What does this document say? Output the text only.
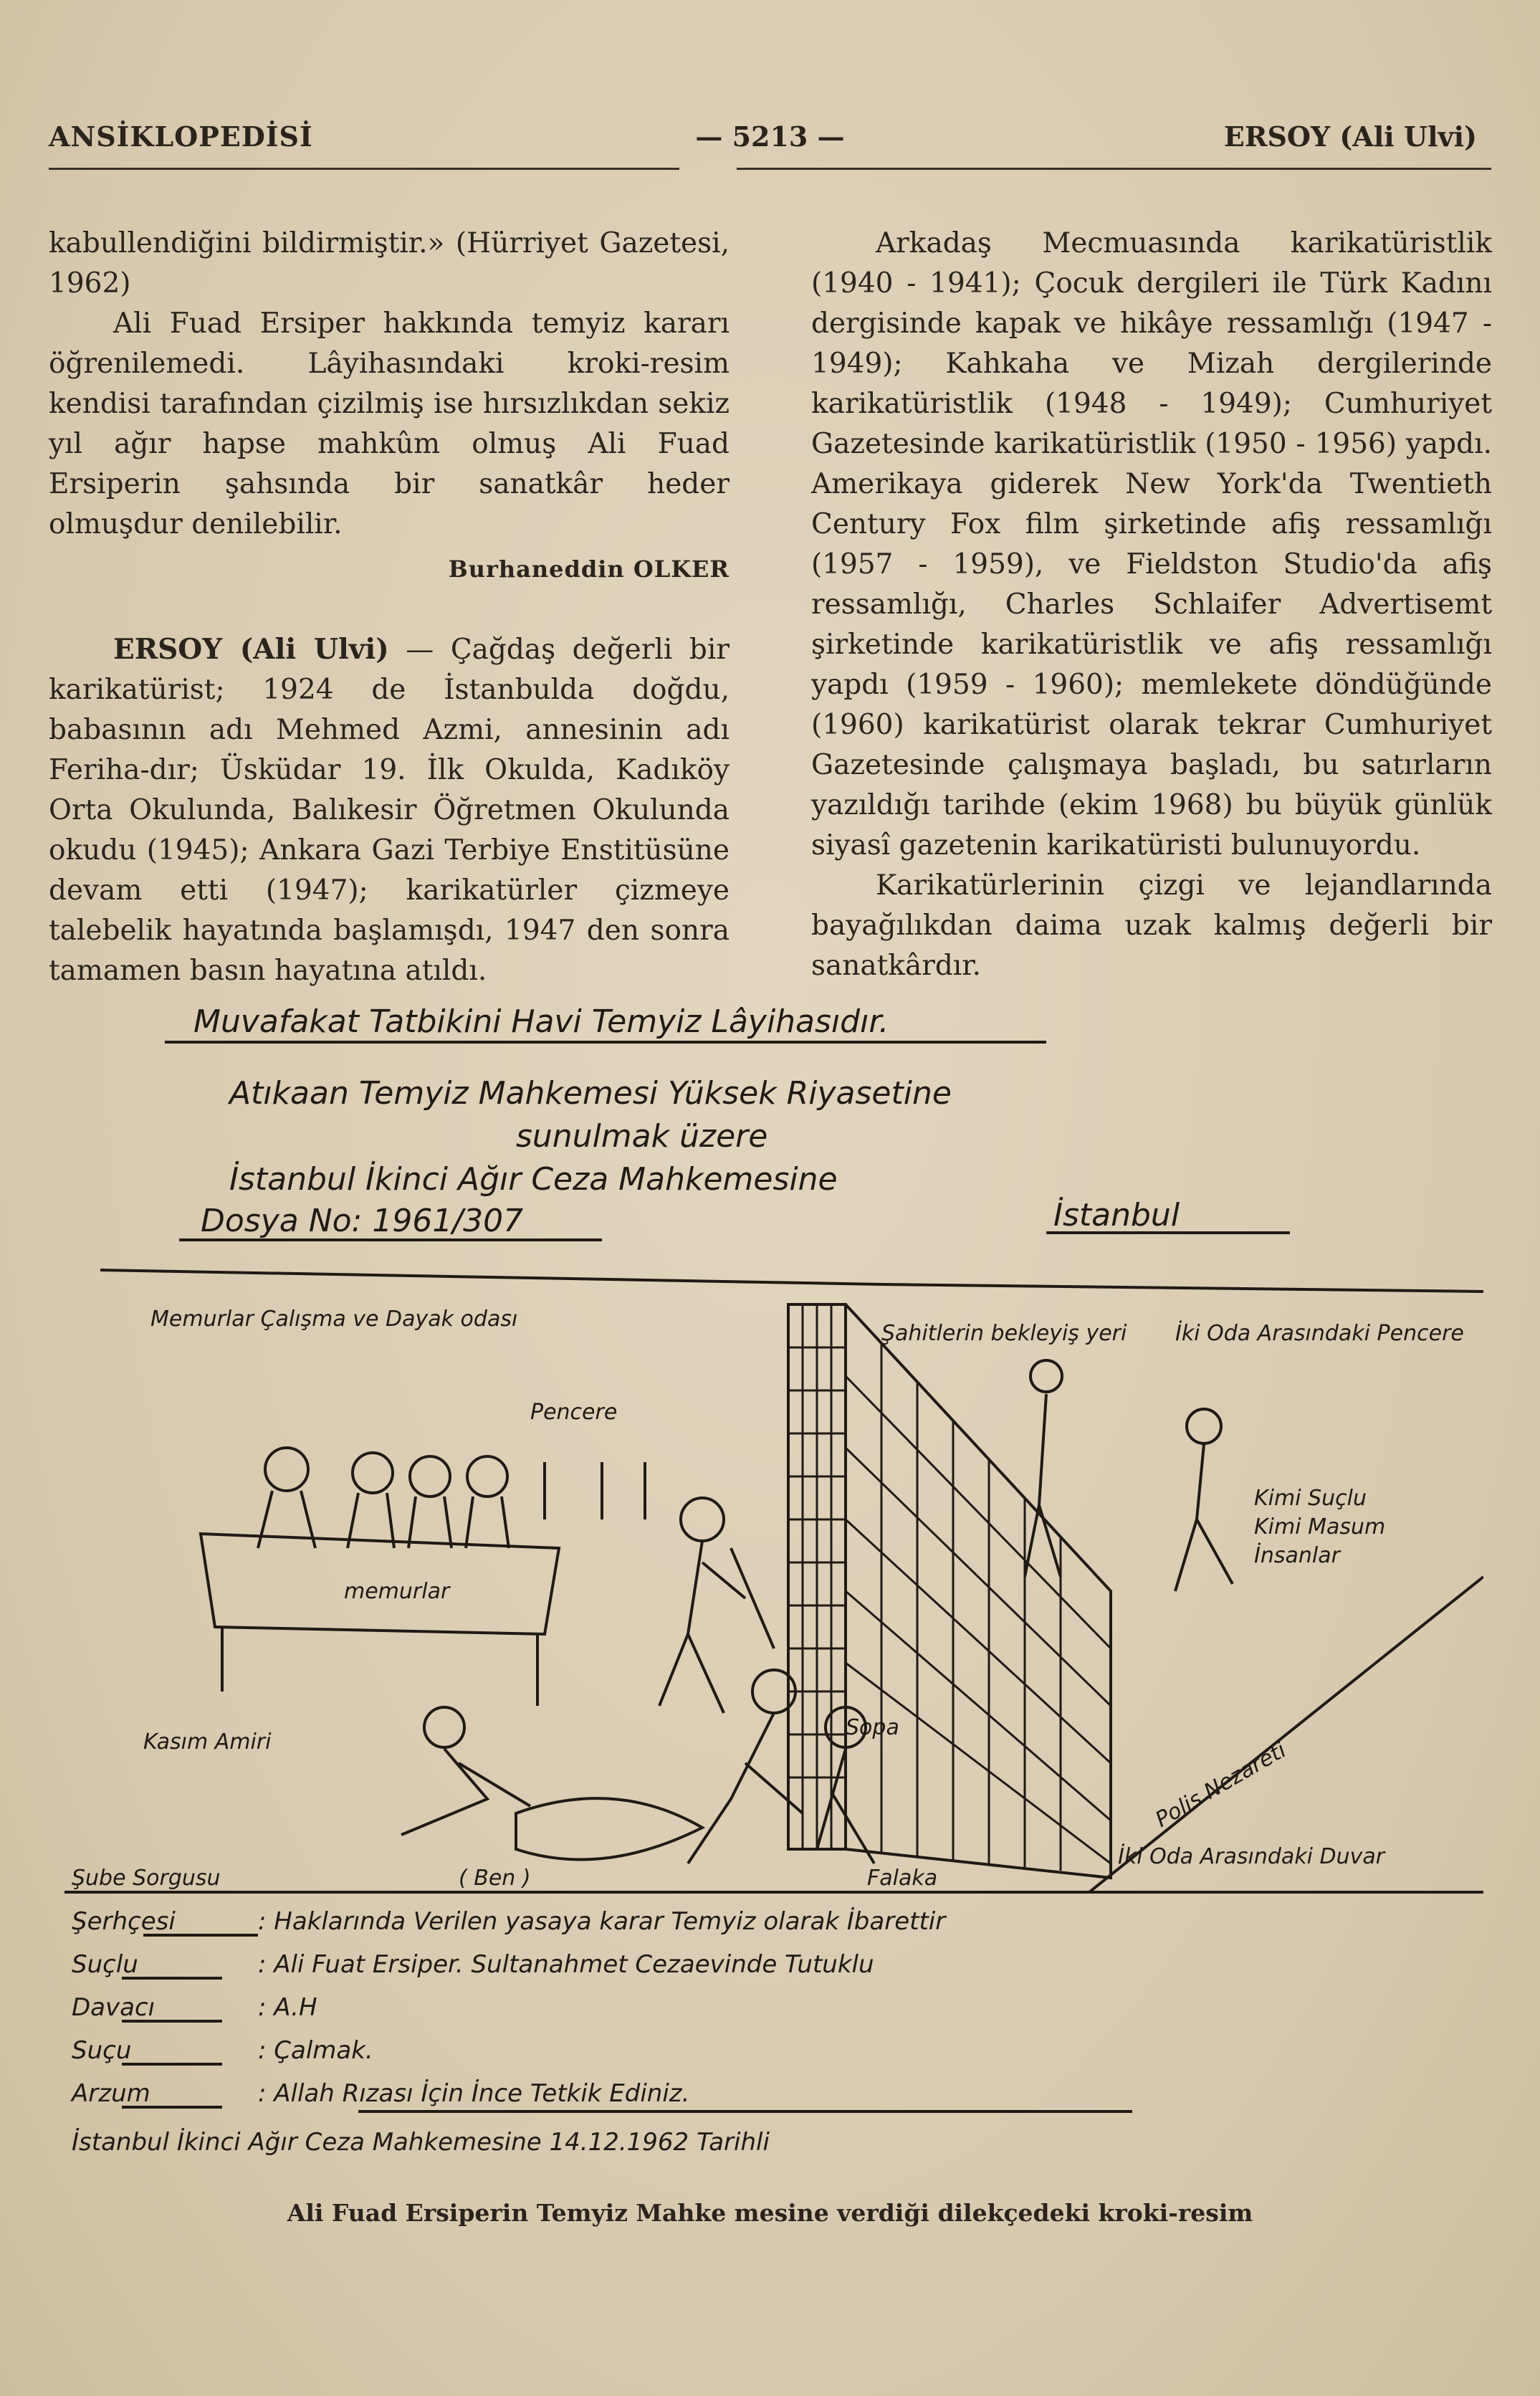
ANSİKLOPEDİSİ	— 5213 —	ERSOY (Ali Ulvi)

kabullendiğini bildirmiştir.» (Hürriyet Gazetesi, 1962)

Ali Fuad Ersiper hakkında temyiz kararı öğrenilemedi. Lâyihasındaki kroki-resim kendisi tarafından çizilmiş ise hırsızlıkdan sekiz yıl ağır hapse mahkûm olmuş Ali Fuad Ersiperin şahsında bir sanatkâr heder olmuşdur denilebilir.

Burhaneddin OLKER

ERSOY (Ali Ulvi) — Çağdaş değerli bir karikatürist; 1924 de İstanbulda doğdu, babasının adı Mehmed Azmi, annesinin adı Feriha-dır; Üsküdar 19. İlk Okulda, Kadıköy Orta Okulunda, Balıkesir Öğretmen Okulunda okudu (1945); Ankara Gazi Terbiye Enstitüsüne devam etti (1947); karikatürler çizmeye talebelik hayatında başlamışdı, 1947 den sonra tamamen basın hayatına atıldı.

Arkadaş Mecmuasında karikatüristlik (1940 - 1941); Çocuk dergileri ile Türk Kadını dergisinde kapak ve hikâye ressamlığı (1947 - 1949); Kahkaha ve Mizah dergilerinde karikatüristlik (1948 - 1949); Cumhuriyet Gazetesinde karikatüristlik (1950 - 1956) yapdı. Amerikaya giderek New York'da Twentieth Century Fox film şirketinde afiş ressamlığı (1957 - 1959), ve Fieldston Studio'da afiş ressamlığı, Charles Schlaifer Advertisemt şirketinde karikatüristlik ve afiş ressamlığı yapdı (1959 - 1960); memlekete döndüğünde (1960) karikatürist olarak tekrar Cumhuriyet Gazetesinde çalışmaya başladı, bu satırların yazıldığı tarihde (ekim 1968) bu büyük günlük siyasî gazetenin karikatüristi bulunuyordu.

Karikatürlerinin çizgi ve lejandlarında bayağılıkdan daima uzak kalmış değerli bir sanatkârdır.

Muvafakat Tatbikini Havi Temyiz Lâyihasıdır.
Atıkaan Temyiz Mahkemesi Yüksek Riyasetine
sunulmak üzere
İstanbul İkinci Ağır Ceza Mahkemesine
İstanbul
Dosya No: 1961/307
Memurlar Çalışma ve Dayak odası
Pencere
memurlar
Şahitlerin bekleyiş yeri İki Oda Arasındaki Pencere
Kimi Suçlu
Kimi Masum
İnsanlar
Sopa
Polis Nezareti
Kasım Amiri
Falaka
( Ben )
Şube Sorgusu
İki Oda Arasındaki Duvar
Şerhçesi	: Haklarında Verilen yasaya karar Temyiz olarak İbarettir
Suçlu	: Ali Fuat Ersiper. Sultanahmet Cezaevinde Tutuklu
Davacı	: A.H
Suçu	: Çalmak.
Arzum	: Allah Rızası İçin İnce Tetkik Ediniz.
İstanbul İkinci Ağır Ceza Mahkemesine 14.12.1962 Tarihli
Ali Fuad Ersiperin Temyiz Mahke mesine verdiği dilekçedeki kroki-resim
